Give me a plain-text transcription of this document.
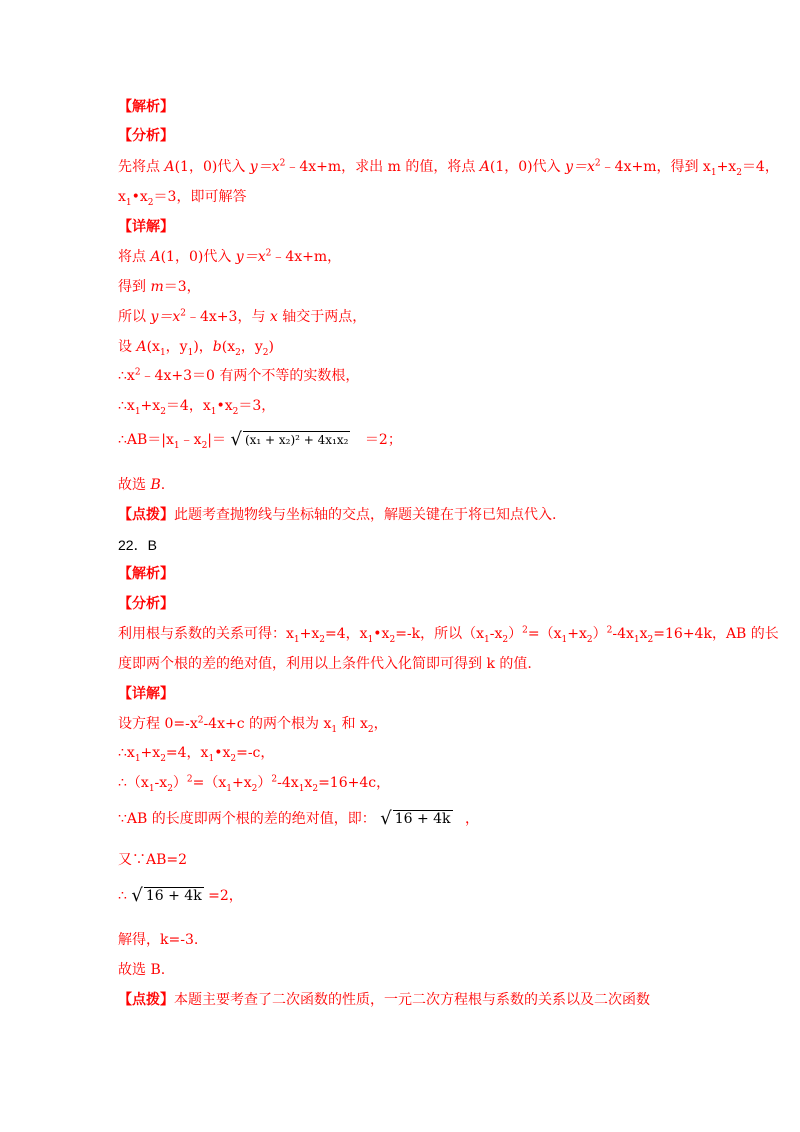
【解析】
【分析】
先将点 A(1，0)代入 $y=x^2﹣4x+m$，求出 m 的值，将点 A(1，0)代入 $y=x^2﹣4x+m$，得到 $x_1+x_2=4$，
$x_1•x_2=3$，即可解答
【详解】
将点 A(1，0)代入 $y=x^2﹣4x+m$，
得到 m＝3，
所以 $y=x^2﹣4x+3$，与 x 轴交于两点，
设 $A(x_1$，$y_1$)，$b(x_2$，$y_2$)
$\therefore x^2﹣4x+3=0$ 有两个不等的实数根，
$\therefore x_1+x_2=4$，$x_1•x_2=3$，
$\therefore AB=|x_1﹣x_2|=$ √ (x₁ + x₂)² + 4x₁x₂ ＝2；
故选 B.
【点拨】此题考查抛物线与坐标轴的交点，解题关键在于将已知点代入.
22．B
【解析】
【分析】
利用根与系数的关系可得：$x_1+x_2=4$，$x_1•x_2=-k$，所以$(x_1-x_2)^2=(x_1+x_2)^2-4x_1x_2=16+4k$，AB 的长
度即两个根的差的绝对值，利用以上条件代入化简即可得到 k 的值.
【详解】
设方程 $0=-x^2-4x+c$ 的两个根为 $x_1$ 和 $x_2$，
$\therefore x_1+x_2=4$，$x_1•x_2=-c$，
$\therefore(x_1-x_2)^2=(x_1+x_2)^2-4x_1x_2=16+4c$，
∵AB 的长度即两个根的差的绝对值，即： √ 16 + 4k ，
又∵AB=2
∴ √ 16 + 4k =2，
解得，k=-3.
故选 B.
【点拨】本题主要考查了二次函数的性质，一元二次方程根与系数的关系以及二次函数
